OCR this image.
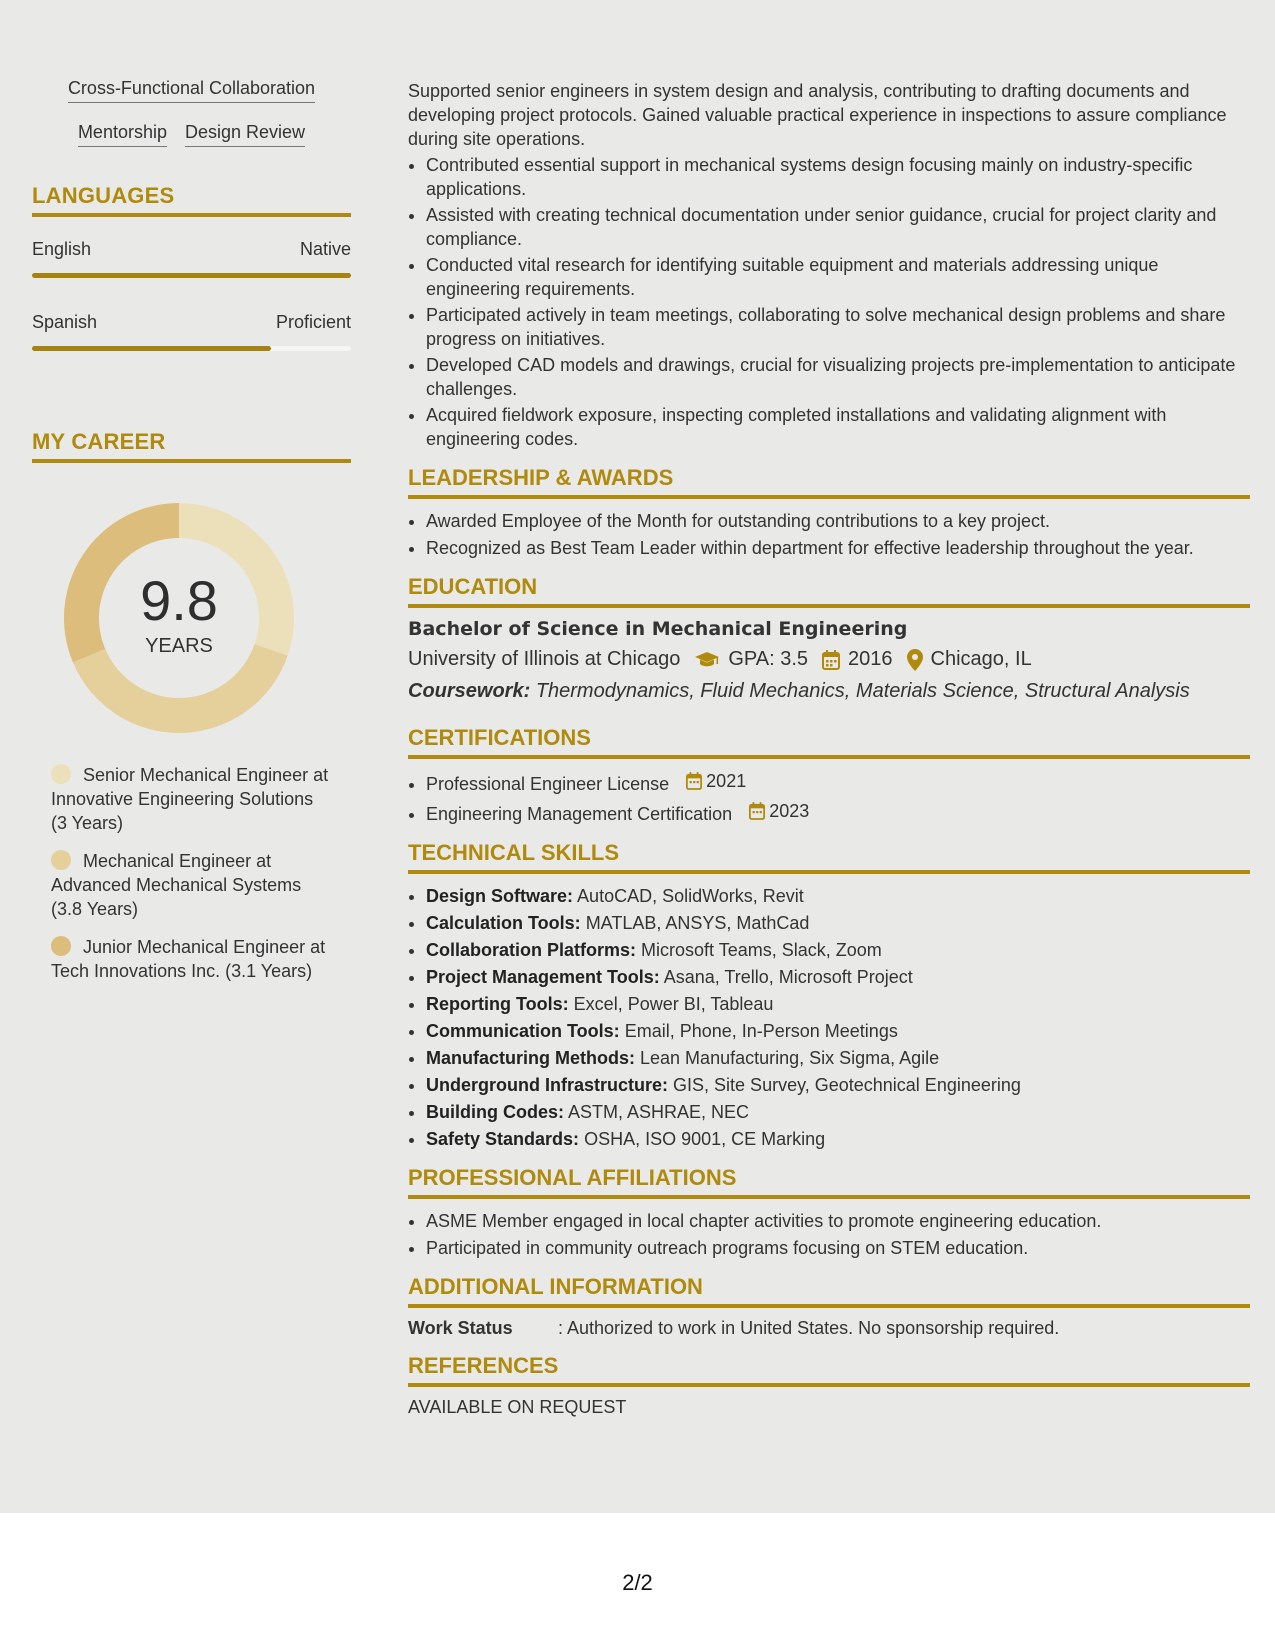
Cross-Functional Collaboration
Mentorship Design Review
LANGUAGES
English	Native
Spanish	Proficient
MY CAREER
9.8
YEARS
Senior Mechanical Engineer at Innovative Engineering Solutions (3 Years)
Mechanical Engineer at Advanced Mechanical Systems (3.8 Years)
Junior Mechanical Engineer at Tech Innovations Inc. (3.1 Years)

Supported senior engineers in system design and analysis, contributing to drafting documents and developing project protocols. Gained valuable practical experience in inspections to assure compliance during site operations.

• Contributed essential support in mechanical systems design focusing mainly on industry-specific applications.
• Assisted with creating technical documentation under senior guidance, crucial for project clarity and compliance.
• Conducted vital research for identifying suitable equipment and materials addressing unique engineering requirements.
• Participated actively in team meetings, collaborating to solve mechanical design problems and share progress on initiatives.
• Developed CAD models and drawings, crucial for visualizing projects pre-implementation to anticipate challenges.
• Acquired fieldwork exposure, inspecting completed installations and validating alignment with engineering codes.
LEADERSHIP & AWARDS
• Awarded Employee of the Month for outstanding contributions to a key project.
• Recognized as Best Team Leader within department for effective leadership throughout the year.
EDUCATION
Bachelor of Science in Mechanical Engineering
University of Illinois at Chicago GPA: 3.5 2016 Chicago, IL
Coursework: Thermodynamics, Fluid Mechanics, Materials Science, Structural Analysis
CERTIFICATIONS
• Professional Engineer License 2021
• Engineering Management Certification 2023
TECHNICAL SKILLS
• Design Software: AutoCAD, SolidWorks, Revit
• Calculation Tools: MATLAB, ANSYS, MathCad
• Collaboration Platforms: Microsoft Teams, Slack, Zoom
• Project Management Tools: Asana, Trello, Microsoft Project
• Reporting Tools: Excel, Power BI, Tableau
• Communication Tools: Email, Phone, In-Person Meetings
• Manufacturing Methods: Lean Manufacturing, Six Sigma, Agile
• Underground Infrastructure: GIS, Site Survey, Geotechnical Engineering
• Building Codes: ASTM, ASHRAE, NEC
• Safety Standards: OSHA, ISO 9001, CE Marking
PROFESSIONAL AFFILIATIONS
• ASME Member engaged in local chapter activities to promote engineering education.
• Participated in community outreach programs focusing on STEM education.
ADDITIONAL INFORMATION
Work Status	: Authorized to work in United States. No sponsorship required.
REFERENCES
AVAILABLE ON REQUEST
2/2
